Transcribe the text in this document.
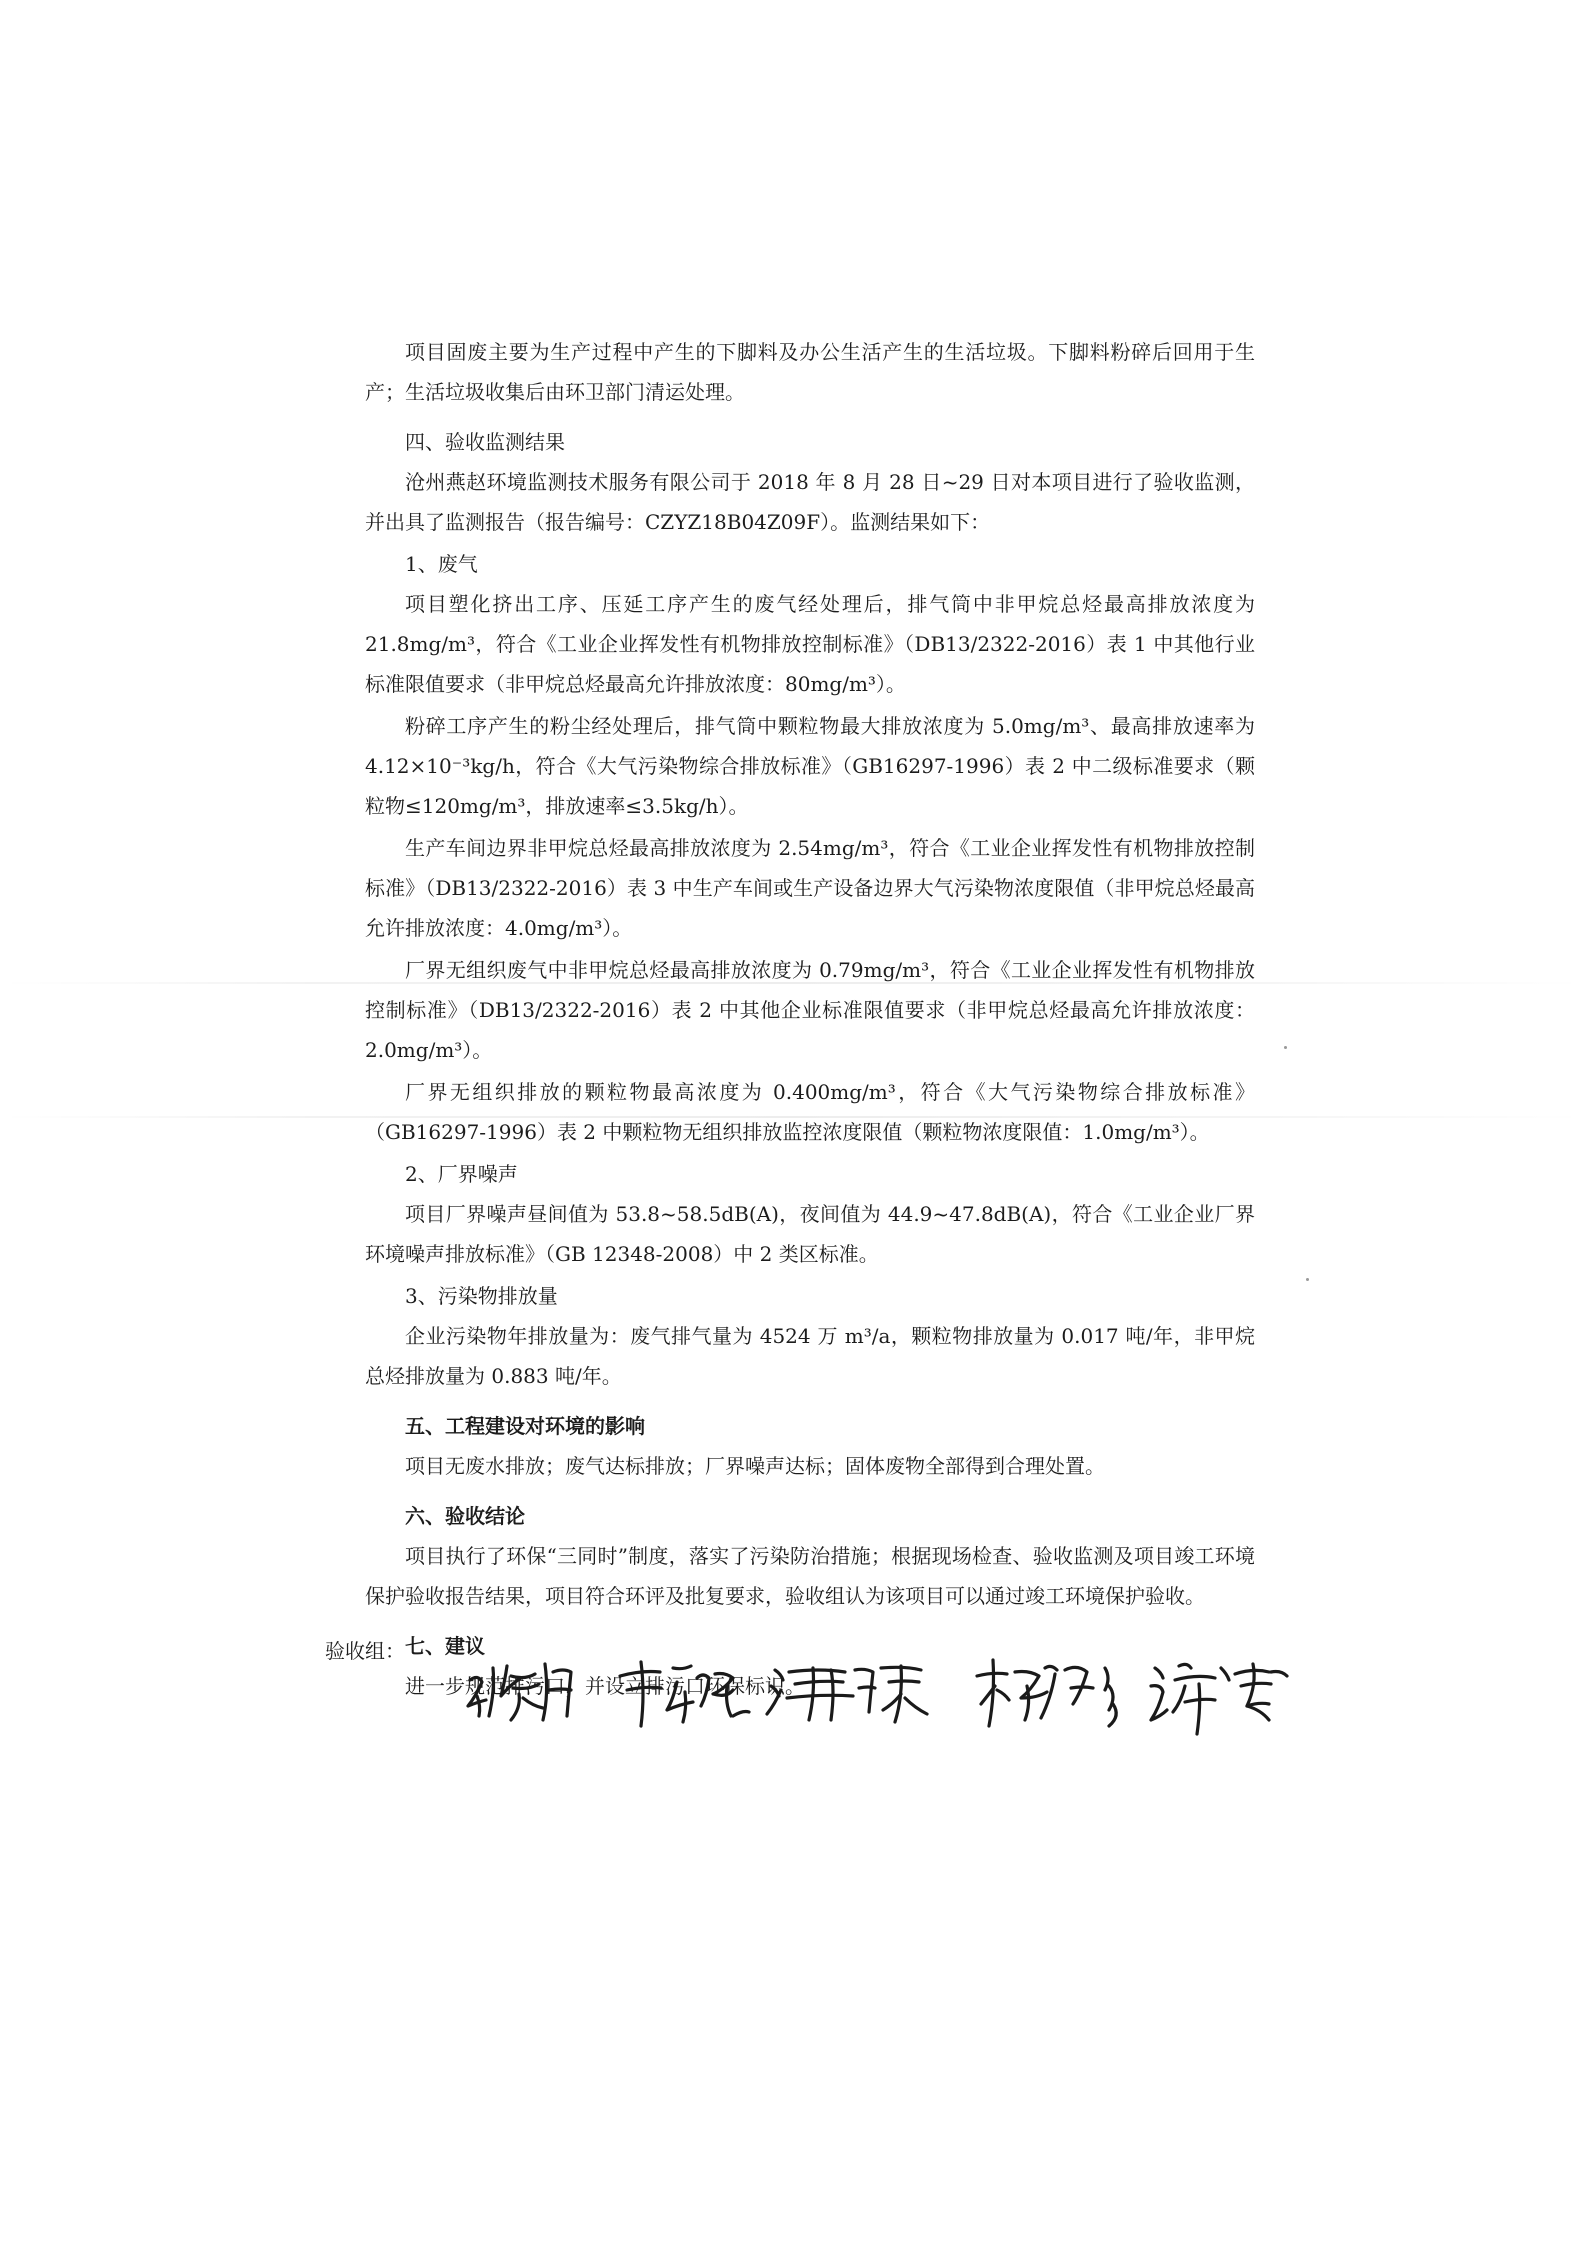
项目固废主要为生产过程中产生的下脚料及办公生活产生的生活垃圾。下脚料粉碎后回用于生产；生活垃圾收集后由环卫部门清运处理。

四、验收监测结果

沧州燕赵环境监测技术服务有限公司于 2018 年 8 月 28 日~29 日对本项目进行了验收监测，并出具了监测报告（报告编号：CZYZ18B04Z09F）。监测结果如下：

1、废气

项目塑化挤出工序、压延工序产生的废气经处理后，排气筒中非甲烷总烃最高排放浓度为 21.8mg/m³，符合《工业企业挥发性有机物排放控制标准》（DB13/2322-2016）表 1 中其他行业标准限值要求（非甲烷总烃最高允许排放浓度：80mg/m³）。

粉碎工序产生的粉尘经处理后，排气筒中颗粒物最大排放浓度为 5.0mg/m³、最高排放速率为 4.12×10⁻³kg/h，符合《大气污染物综合排放标准》（GB16297-1996）表 2 中二级标准要求（颗粒物≤120mg/m³，排放速率≤3.5kg/h）。

生产车间边界非甲烷总烃最高排放浓度为 2.54mg/m³，符合《工业企业挥发性有机物排放控制标准》（DB13/2322-2016）表 3 中生产车间或生产设备边界大气污染物浓度限值（非甲烷总烃最高允许排放浓度：4.0mg/m³）。

厂界无组织废气中非甲烷总烃最高排放浓度为 0.79mg/m³，符合《工业企业挥发性有机物排放控制标准》（DB13/2322-2016）表 2 中其他企业标准限值要求（非甲烷总烃最高允许排放浓度：2.0mg/m³）。

厂界无组织排放的颗粒物最高浓度为 0.400mg/m³，符合《大气污染物综合排放标准》（GB16297-1996）表 2 中颗粒物无组织排放监控浓度限值（颗粒物浓度限值：1.0mg/m³）。

2、厂界噪声

项目厂界噪声昼间值为 53.8~58.5dB(A)，夜间值为 44.9~47.8dB(A)，符合《工业企业厂界环境噪声排放标准》（GB 12348-2008）中 2 类区标准。

3、污染物排放量

企业污染物年排放量为：废气排气量为 4524 万 m³/a，颗粒物排放量为 0.017 吨/年，非甲烷总烃排放量为 0.883 吨/年。

五、工程建设对环境的影响

项目无废水排放；废气达标排放；厂界噪声达标；固体废物全部得到合理处置。

六、验收结论

项目执行了环保“三同时”制度，落实了污染防治措施；根据现场检查、验收监测及项目竣工环境保护验收报告结果，项目符合环评及批复要求，验收组认为该项目可以通过竣工环境保护验收。

七、建议

进一步规范排污口，并设立排污口环保标识。

验收组：
